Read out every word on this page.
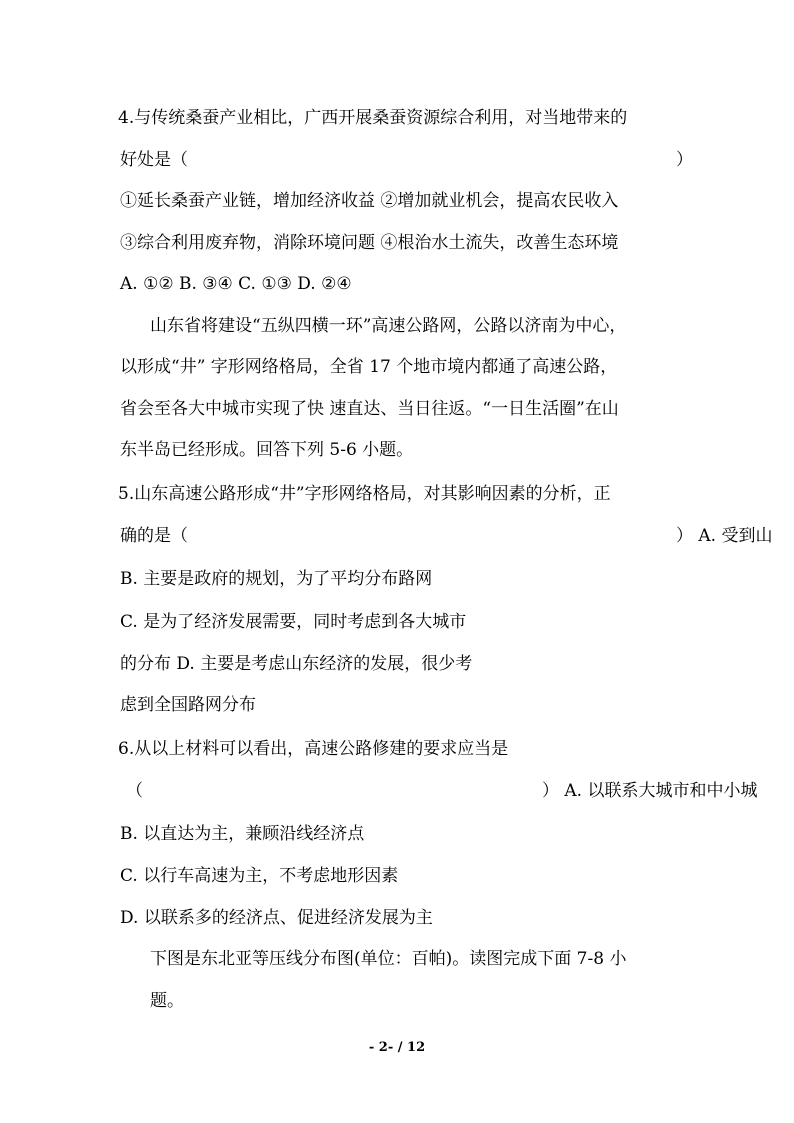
4.与传统桑蚕产业相比，广西开展桑蚕资源综合利用，对当地带来的
好处是（	）
①延长桑蚕产业链，增加经济收益 ②增加就业机会，提高农民收入
③综合利用废弃物，消除环境问题 ④根治水土流失，改善生态环境
A. ①② B. ③④ C. ①③ D. ②④
山东省将建设“五纵四横一环”高速公路网，公路以济南为中心，
以形成“井” 字形网络格局，全省 17 个地市境内都通了高速公路，
省会至各大中城市实现了快 速直达、当日往返。“一日生活圈”在山
东半岛已经形成。回答下列 5-6 小题。
5.山东高速公路形成“井”字形网络格局，对其影响因素的分析，正
确的是（	） A. 受到山
B. 主要是政府的规划，为了平均分布路网
C. 是为了经济发展需要，同时考虑到各大城市
的分布 D. 主要是考虑山东经济的发展，很少考
虑到全国路网分布
6.从以上材料可以看出，高速公路修建的要求应当是
（	） A. 以联系大城市和中小城
B. 以直达为主，兼顾沿线经济点
C. 以行车高速为主，不考虑地形因素
D. 以联系多的经济点、促进经济发展为主
下图是东北亚等压线分布图(单位：百帕)。读图完成下面 7-8 小
题。
- 2- / 12
